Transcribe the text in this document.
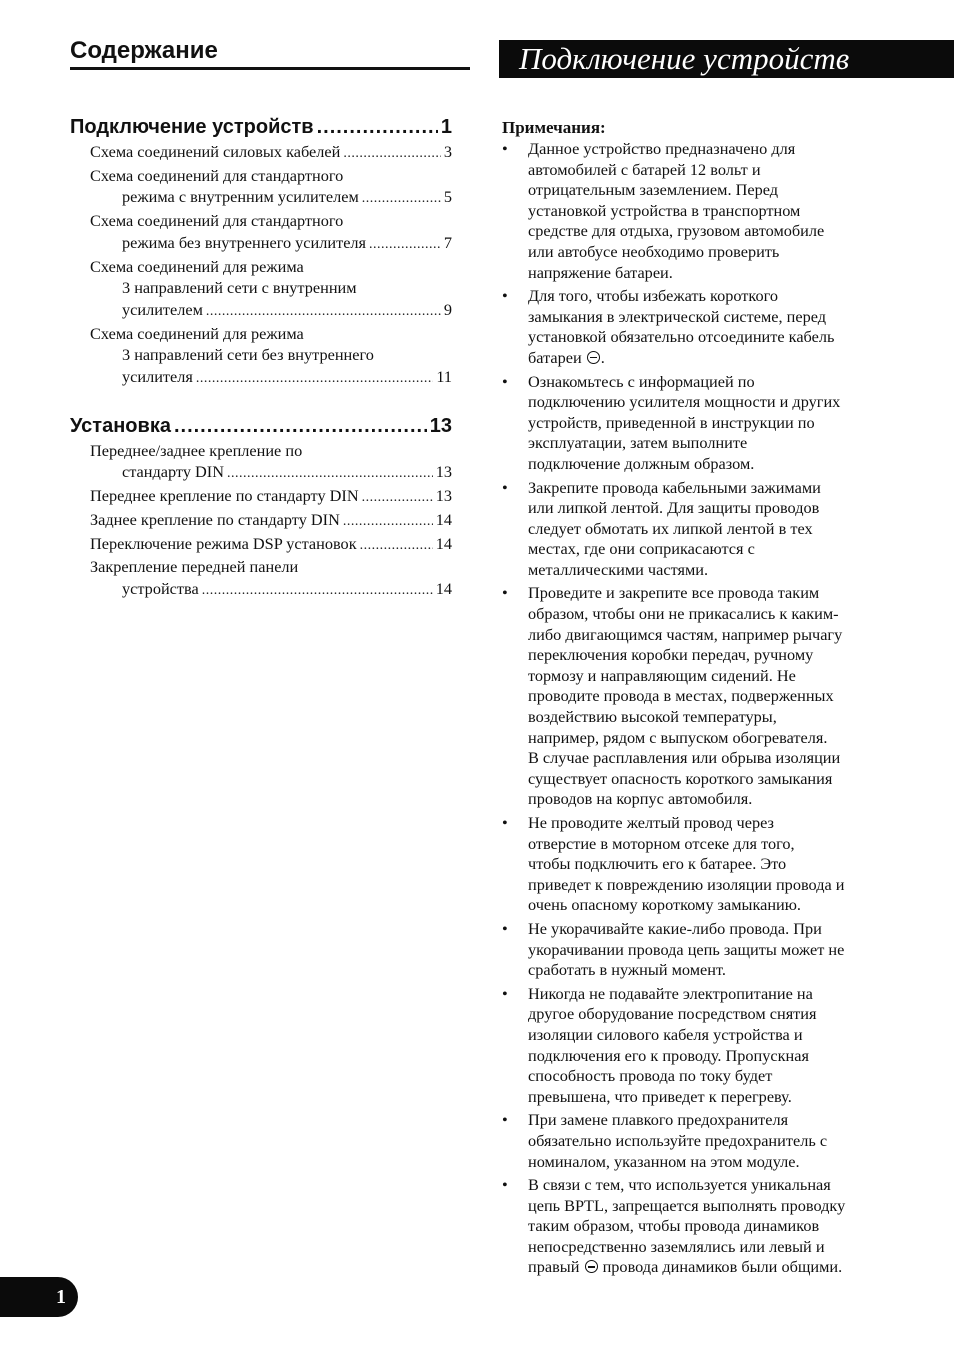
Содержание	Подключение устройств
Подключение устройств .....	1
Схема соединений силовых кабелей .....	3
Схема соединений для стандартного
режима с внутренним усилителем .....	5
Схема соединений для стандартного
режима без внутреннего усилителя .....	7
Схема соединений для режима
3 направлений сети с внутренним
усилителем .....	9
Схема соединений для режима
3 направлений сети без внутреннего
усилителя .....	11
Установка .....	13
Переднее/заднее крепление по
стандарту DIN .....	13
Переднее крепление по стандарту DIN .....	13
Заднее крепление по стандарту DIN .....	14
Переключение режима DSP установок .....	14
Закрепление передней панели
устройства .....	14
Примечания:
• Данное устройство предназначено для
автомобилей с батарей 12 вольт и
отрицательным заземлением. Перед
установкой устройства в транспортном
средстве для отдыха, грузовом автомобиле
или автобусе необходимо проверить
напряжение батареи.
• Для того, чтобы избежать короткого
замыкания в электрической системе, перед
установкой обязательно отсоедините кабель
батареи .
• Ознакомьтесь с информацией по
подключению усилителя мощности и других
устройств, приведенной в инструкции по
эксплуатации, затем выполните
подключение должным образом.
• Закрепите провода кабельными зажимами
или липкой лентой. Для защиты проводов
следует обмотать их липкой лентой в тех
местах, где они соприкасаются с
металлическими частями.
• Проведите и закрепите все провода таким
образом, чтобы они не прикасались к каким-
либо двигающимся частям, например рычагу
переключения коробки передач, ручному
тормозу и направляющим сидений. Не
проводите провода в местах, подверженных
воздействию высокой температуры,
например, рядом с выпуском обогревателя.
В случае расплавления или обрыва изоляции
существует опасность короткого замыкания
проводов на корпус автомобиля.
• Не проводите желтый провод через
отверстие в моторном отсеке для того,
чтобы подключить его к батарее. Это
приведет к повреждению изоляции провода и
очень опасному короткому замыканию.
• Не укорачивайте какие-либо провода. При
укорачивании провода цепь защиты может не
сработать в нужный момент.
• Никогда не подавайте электропитание на
другое оборудование посредством снятия
изоляции силового кабеля устройства и
подключения его к проводу. Пропускная
способность провода по току будет
превышена, что приведет к перегреву.
• При замене плавкого предохранителя
обязательно используйте предохранитель с
номиналом, указанном на этом модуле.
• В связи с тем, что используется уникальная
цепь BPTL, запрещается выполнять проводку
таким образом, чтобы провода динамиков
непосредственно заземлялись или левый и
правый  провода динамиков были общими.
1
